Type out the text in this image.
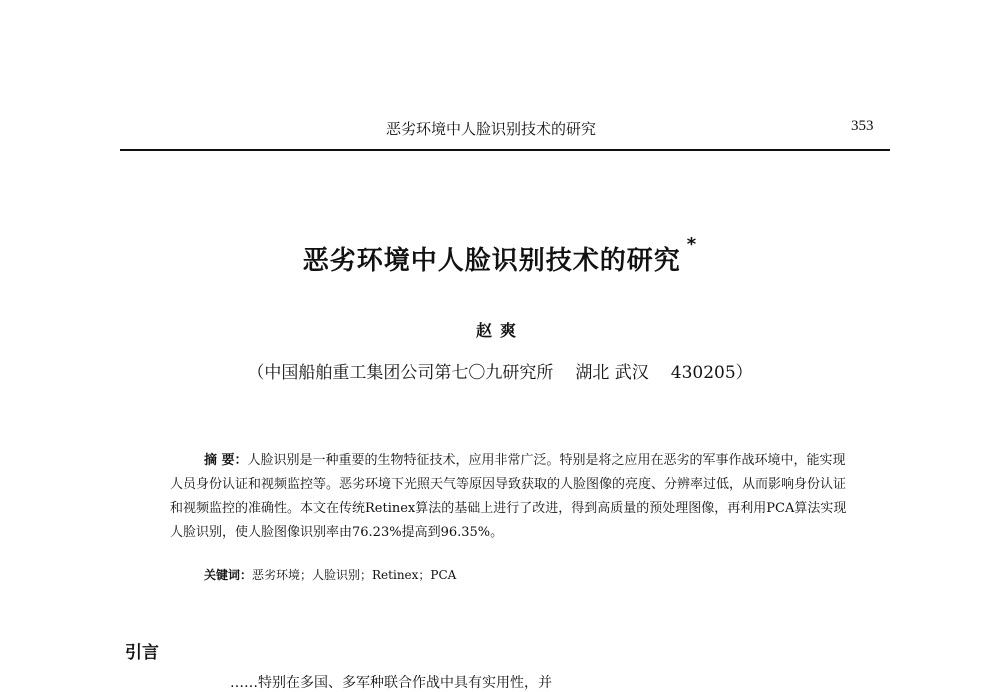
恶劣环境中人脸识别技术的研究	353
恶劣环境中人脸识别技术的研究*
赵爽
（中国船舶重工集团公司第七〇九研究所 湖北 武汉 430205）
摘 要：人脸识别是一种重要的生物特征技术，应用非常广泛。特别是将之应用在恶劣的军事作战环境中，能实现人员身份认证和视频监控等。恶劣环境下光照天气等原因导致获取的人脸图像的亮度、分辨率过低，从而影响身份认证和视频监控的准确性。本文在传统Retinex算法的基础上进行了改进，得到高质量的预处理图像，再利用PCA算法实现人脸识别，使人脸图像识别率由76.23%提高到96.35%。
关键词：恶劣环境；人脸识别；Retinex；PCA
引言
……特别在多国、多军种联合作战中具有实用性，并
